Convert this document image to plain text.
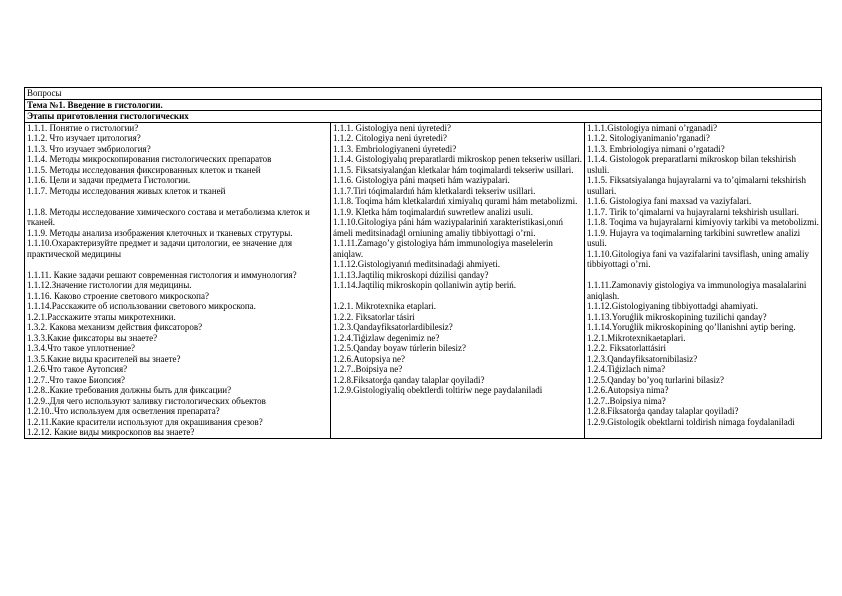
Вопросы
Тема №1. Введение в гистологии.
Этапы приготовления гистологических

1.1.1. Понятие о гистологии?
1.1.2. Что изучает цитология?
1.1.3. Что изучает эмбриология?
1.1.4. Методы микроскопирования гистологических препаратов
1.1.5. Методы исследования фиксированных клеток и тканей
1.1.6. Цели и задачи предмета Гистологии.
1.1.7. Методы исследования живых клеток и тканей
1.1.8. Методы исследование химического состава и метаболизма клеток и тканей.
1.1.9. Методы анализа изображения клеточных и тканевых струтуры.
1.1.10.Охарактеризуйте предмет и задачи цитологии, ее значение для практической медицины
1.1.11. Какие задачи решают современная гистология и иммунология?
1.1.12.Значение гистологии для медицины.
1.1.16. Каково строение светового микроскопа?
1.1.14.Расскажите об использовании светового микроскопа.
1.2.1.Расскажите этапы микротехники.
1.3.2. Какова механизм действия фиксаторов?
1.3.3.Какие фиксаторы вы знаете?
1.3.4.Что такое уплотнение?
1.3.5.Какие виды красителей вы знаете?
1.2.6.Что такое Аутопсия?
1.2.7..Что такое Биопсия?
1.2.8..Какие требования должны быть для фиксации?
1.2.9..Для чего используют заливку гистологических объектов
1.2.10..Что используем для осветления препарата?
1.2.11.Какие красители используют для окрашивания срезов?
1.2.12. Какие виды микроскопов вы знаете?

1.1.1. Gistologiya neni úyretedi?
1.1.2. Citologiya neni úyretedi?
1.1.3. Embriologiyaneni úyretedi?
1.1.4. Gistologiyalıq preparatlardi mikroskop penen tekseriw usillari.
1.1.5. Fiksatsiyalanǵan kletkalar hám toqimalardi tekseriw usillari.
1.1.6. Gistologiya páni maqseti hám waziypalari.
1.1.7.Tiri tóqimalardıń hám kletkalardi tekseriw usillari.
1.1.8. Toqima hám kletkalardıń ximiyalıq qurami hám metabolizmi.
1.1.9. Kletka hám toqimalardıń suwretlew analizi usuli.
1.1.10.Gitologiya páni hám waziypalariniń xarakteristikasi,onıń ámeli meditsinadaǵl orniuning amaliy tibbiyottagi o’rni.
1.1.11.Zamago’y gistologiya hám immunologiya maselelerin aniqlaw.
1.1.12.Gistologiyanıń meditsinadaǵi ahmiyeti.
1.1.13.Jaqtiliq mikroskopi dúzilisi qanday?
1.1.14.Jaqtiliq mikroskopin qollaniwin aytip beriń.
1.2.1. Mikrotexnika etaplari.
1.2.2. Fiksatorlar tásiri
1.2.3.Qandayfiksatorlardibilesiz?
1.2.4.Tiǵizlaw degenimiz ne?
1.2.5.Qanday boyaw túrlerin bilesiz?
1.2.6.Autopsiya ne?
1.2.7..Boipsiya ne?
1.2.8.Fiksatorǵa qanday talaplar qoyiladi?
1.2.9.Gistologiyaliq obektlerdi toltiriw nege paydalaniladi

1.1.1.Gistologiya nimani o’rganadi?
1.1.2. Sitologiyanimanio’rganadi?
1.1.3. Embriologiya nimani o’rgatadi?
1.1.4. Gistologok preparatlarni mikroskop bilan tekshirish usluli.
1.1.5. Fiksatsiyalanga hujayralarni va to’qimalarni tekshirish usullari.
1.1.6. Gistologiya fani maxsad va vaziyfalari.
1.1.7. Tirik to’qimalarni va hujayralarni tekshirish usullari.
1.1.8. Toqima va hujayralarni kimiyoviy tarkibi va metobolizmi.
1.1.9. Hujayra va toqimalarning tarkibini suwretlew analizi usuli.
1.1.10.Gitologiya fani va vazifalarini tavsiflash, uning amaliy tibbiyottagi o’rni.
1.1.11.Zamonaviy gistologiya va immunologiya masalalarini aniqlash.
1.1.12.Gistologiyaning tibbiyottadgi ahamiyati.
1.1.13.Yoruǵlik mikroskopining tuzilichi qanday?
1.1.14.Yoruǵlik mikroskopining qo’llanishni aytip bering.
1.2.1.Mikrotexnikaetaplari.
1.2.2. Fiksatorlattásiri
1.2.3.Qandayfiksatornibilasiz?
1.2.4.Tiǵizlach nima?
1.2.5.Qanday bo’yoq turlarini bilasiz?
1.2.6.Autopsiya nima?
1.2.7..Boipsiya nima?
1.2.8.Fiksatorǵa qanday talaplar qoyiladi?
1.2.9.Gistologik obektlarni toldirish nimaga foydalaniladi
